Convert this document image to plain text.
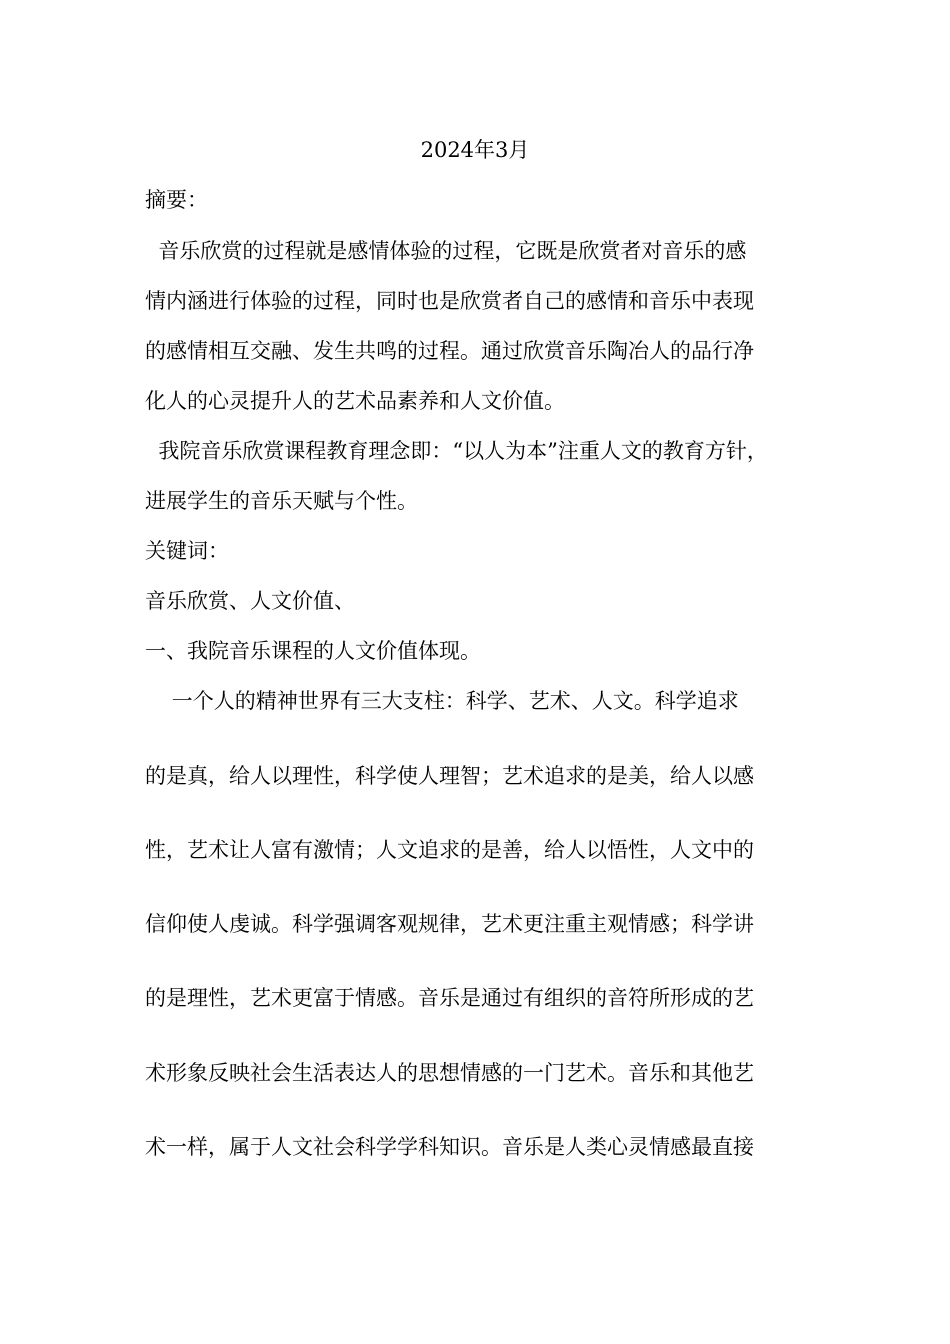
2024年3月
摘要：
音乐欣赏的过程就是感情体验的过程，它既是欣赏者对音乐的感
情内涵进行体验的过程，同时也是欣赏者自己的感情和音乐中表现
的感情相互交融、发生共鸣的过程。通过欣赏音乐陶冶人的品行净
化人的心灵提升人的艺术品素养和人文价值。
我院音乐欣赏课程教育理念即：“以人为本”注重人文的教育方针，
进展学生的音乐天赋与个性。
关键词：
音乐欣赏、人文价值、
一、我院音乐课程的人文价值体现。
一个人的精神世界有三大支柱：科学、艺术、人文。科学追求
的是真，给人以理性，科学使人理智；艺术追求的是美，给人以感
性，艺术让人富有激情；人文追求的是善，给人以悟性，人文中的
信仰使人虔诚。科学强调客观规律，艺术更注重主观情感；科学讲
的是理性，艺术更富于情感。音乐是通过有组织的音符所形成的艺
术形象反映社会生活表达人的思想情感的一门艺术。音乐和其他艺
术一样，属于人文社会科学学科知识。音乐是人类心灵情感最直接
